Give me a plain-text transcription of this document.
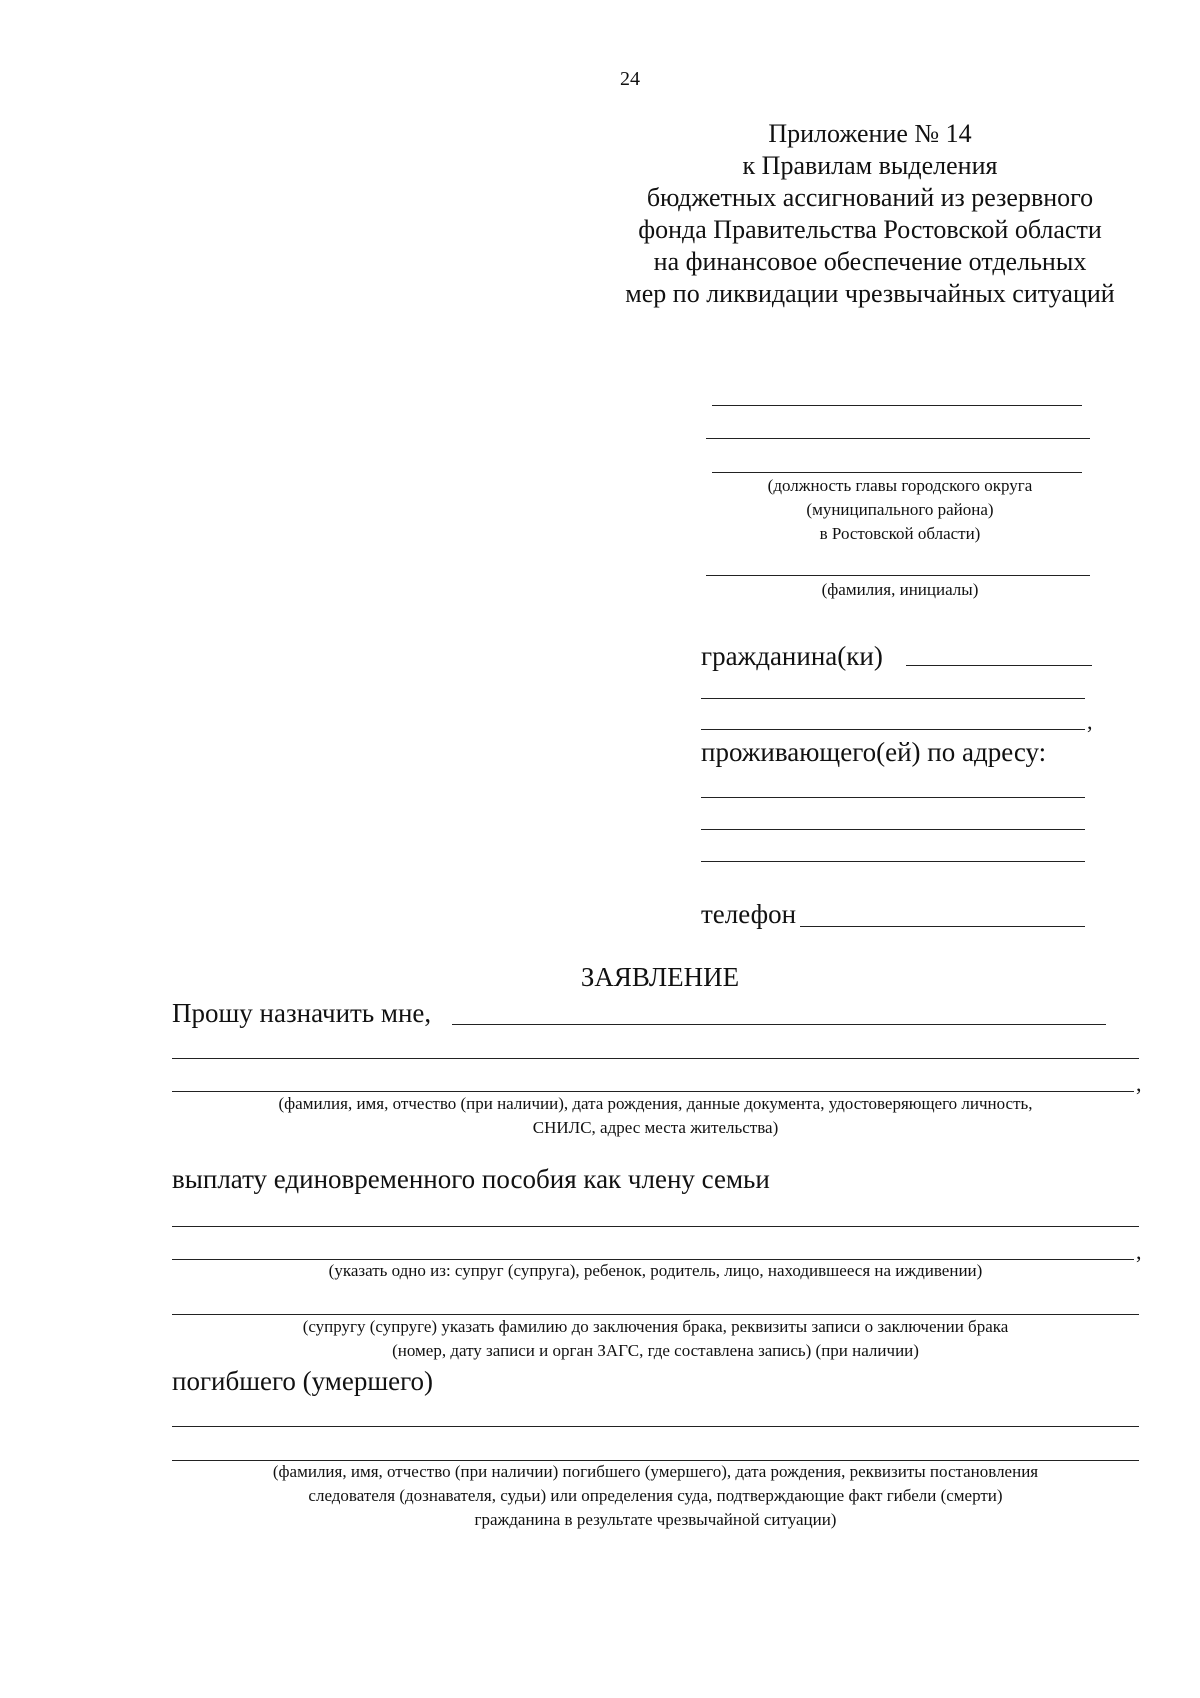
24
Приложение № 14
к Правилам выделения
бюджетных ассигнований из резервного
фонда Правительства Ростовской области
на финансовое обеспечение отдельных
мер по ликвидации чрезвычайных ситуаций
(должность главы городского округа
(муниципального района)
в Ростовской области)
(фамилия, инициалы)
гражданина(ки)
,
проживающего(ей) по адресу:
телефон
ЗАЯВЛЕНИЕ
Прошу назначить мне,
,
(фамилия, имя, отчество (при наличии), дата рождения, данные документа, удостоверяющего личность,
СНИЛС, адрес места жительства)
выплату единовременного пособия как члену семьи
,
(указать одно из: супруг (супруга), ребенок, родитель, лицо, находившееся на иждивении)
(супругу (супруге) указать фамилию до заключения брака, реквизиты записи о заключении брака
(номер, дату записи и орган ЗАГС, где составлена запись) (при наличии)
погибшего (умершего)
(фамилия, имя, отчество (при наличии) погибшего (умершего), дата рождения, реквизиты постановления
следователя (дознавателя, судьи) или определения суда, подтверждающие факт гибели (смерти)
гражданина в результате чрезвычайной ситуации)
